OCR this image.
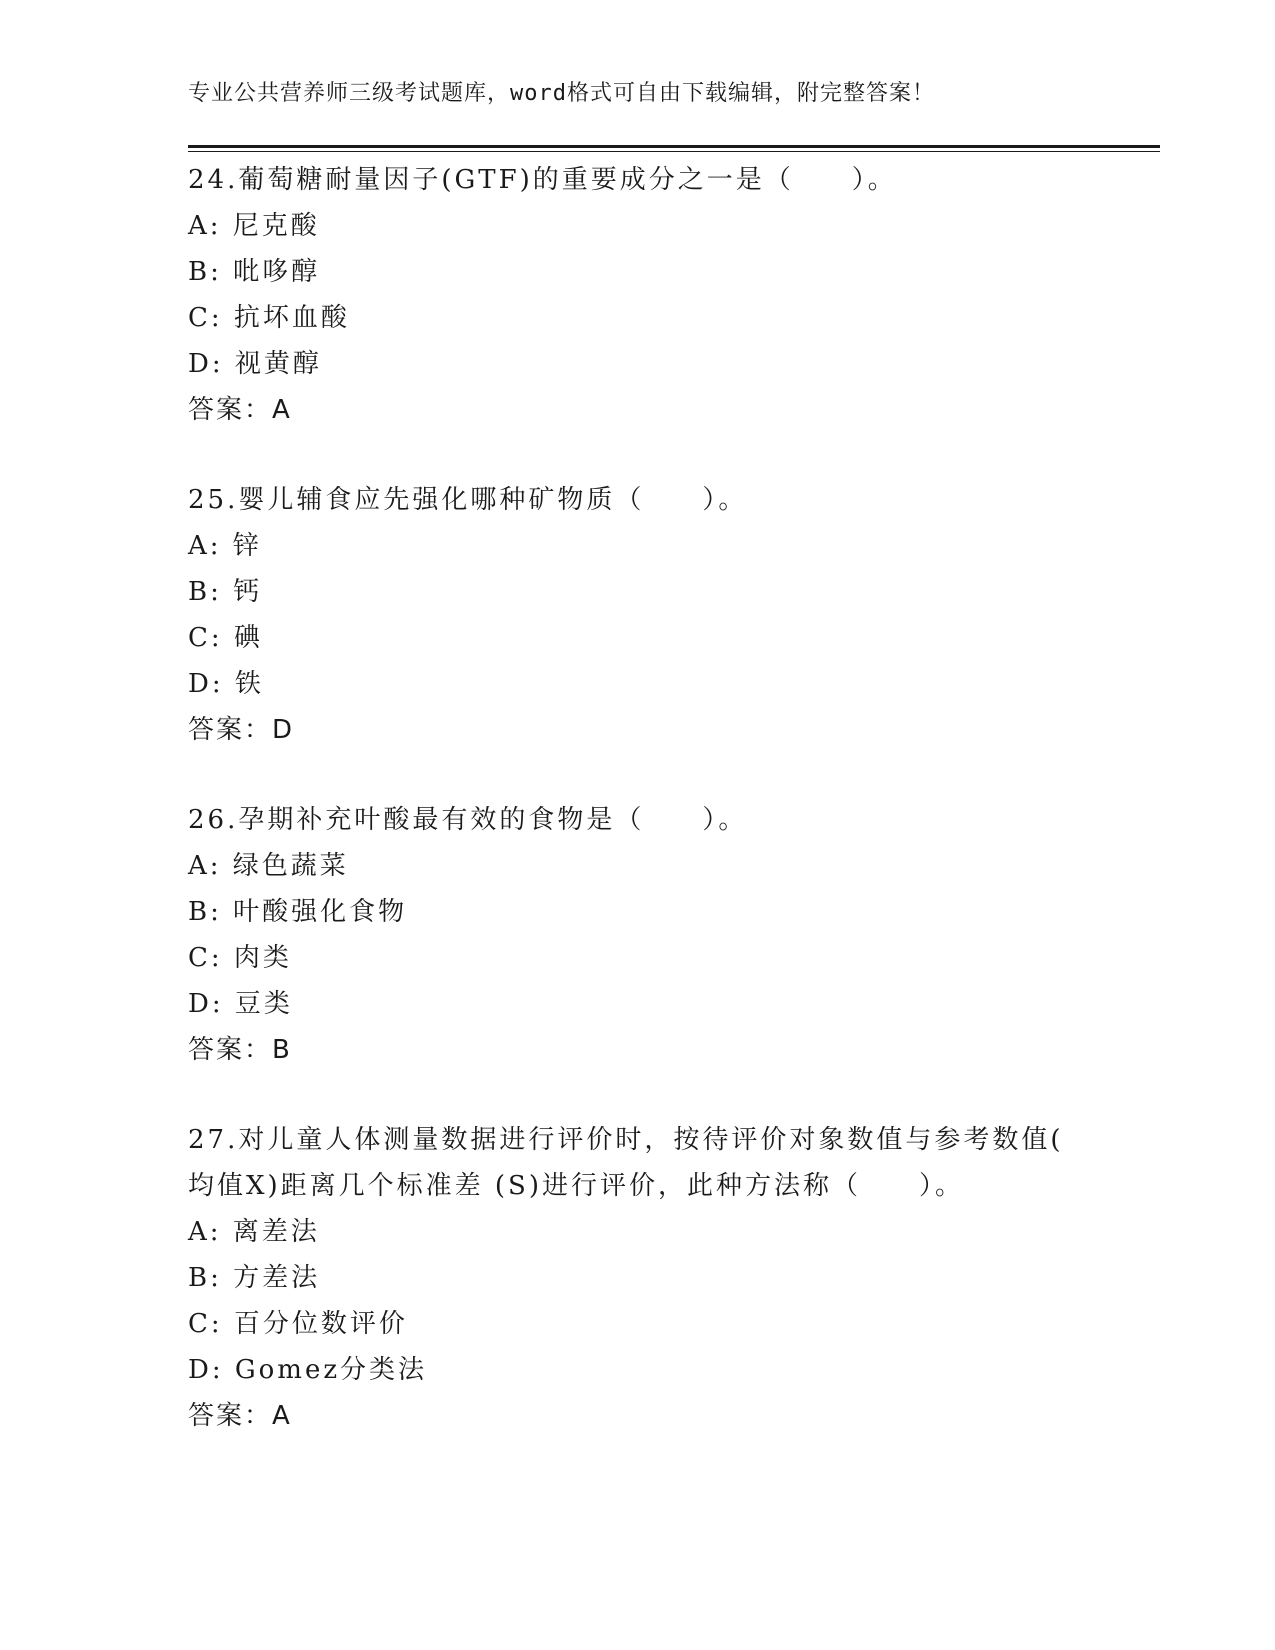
专业公共营养师三级考试题库，word格式可自由下载编辑，附完整答案！
24.葡萄糖耐量因子(GTF)的重要成分之一是（　　）。
A: 尼克酸
B: 吡哆醇
C: 抗坏血酸
D: 视黄醇
答案：A
25.婴儿辅食应先强化哪种矿物质（　　）。
A: 锌
B: 钙
C: 碘
D: 铁
答案：D
26.孕期补充叶酸最有效的食物是（　　）。
A: 绿色蔬菜
B: 叶酸强化食物
C: 肉类
D: 豆类
答案：B
27.对儿童人体测量数据进行评价时，按待评价对象数值与参考数值(
均值X)距离几个标准差 (S)进行评价，此种方法称（　　）。
A: 离差法
B: 方差法
C: 百分位数评价
D: Gomez分类法
答案：A
